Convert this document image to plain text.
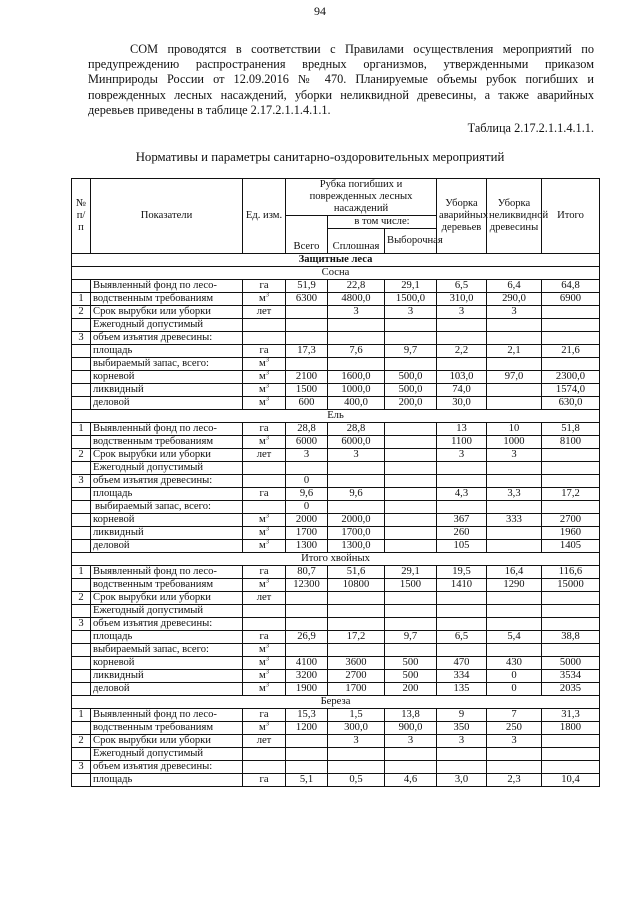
94

СОМ проводятся в соответствии с Правилами осуществления мероприятий по предупреждению распространения вредных организмов, утвержденными приказом Минприроды России от 12.09.2016 № 470. Планируемые объемы рубок погибших и поврежденных лесных насаждений, уборки неликвидной древесины, а также аварийных деревьев приведены в таблице 2.17.2.1.1.4.1.1.

Таблица 2.17.2.1.1.4.1.1.
Нормативы и параметры санитарно-оздоровительных мероприятий
№ п/п	Показатели	Ед. изм.	Рубка погибших и поврежденных лесных насаждений			Уборка аварийных деревьев	Уборка неликвидной древесины	Итого
			Всего	в том числе:				
				Сплошная	Выборочная			
Защитные леса								
Сосна								
	Выявленный фонд по лесо-	га	51,9	22,8	29,1	6,5	6,4	64,8
1	водственным требованиям	$м^3$	6300	4800,0	1500,0	310,0	290,0	6900
2	Срок вырубки или уборки	лет		3	3	3	3	
	Ежегодный допустимый							
3	объем изъятия древесины:							
	площадь	га	17,3	7,6	9,7	2,2	2,1	21,6
	выбираемый запас, всего:	$м^3$						
	корневой	$м^3$	2100	1600,0	500,0	103,0	97,0	2300,0
	ликвидный	$м^3$	1500	1000,0	500,0	74,0		1574,0
	деловой	$м^3$	600	400,0	200,0	30,0		630,0
Ель								
1	Выявленный фонд по лесо-	га	28,8	28,8		13	10	51,8
	водственным требованиям	$м^3$	6000	6000,0		1100	1000	8100
2	Срок вырубки или уборки	лет	3	3		3	3	
	Ежегодный допустимый							
3	объем изъятия древесины:		0					
	площадь	га	9,6	9,6		4,3	3,3	17,2
	выбираемый запас, всего:		0					
	корневой	$м^3$	2000	2000,0		367	333	2700
	ликвидный	$м^3$	1700	1700,0		260		1960
	деловой	$м^3$	1300	1300,0		105		1405
Итого хвойных								
1	Выявленный фонд по лесо-	га	80,7	51,6	29,1	19,5	16,4	116,6
	водственным требованиям	$м^3$	12300	10800	1500	1410	1290	15000
2	Срок вырубки или уборки	лет						
	Ежегодный допустимый							
3	объем изъятия древесины:							
	площадь	га	26,9	17,2	9,7	6,5	5,4	38,8
	выбираемый запас, всего:	$м^3$						
	корневой	$м^3$	4100	3600	500	470	430	5000
	ликвидный	$м^3$	3200	2700	500	334	0	3534
	деловой	$м^3$	1900	1700	200	135	0	2035
Береза								
1	Выявленный фонд по лесо-	га	15,3	1,5	13,8	9	7	31,3
	водственным требованиям	$м^3$	1200	300,0	900,0	350	250	1800
2	Срок вырубки или уборки	лет		3	3	3	3	
	Ежегодный допустимый							
3	объем изъятия древесины:							
	площадь	га	5,1	0,5	4,6	3,0	2,3	10,4
